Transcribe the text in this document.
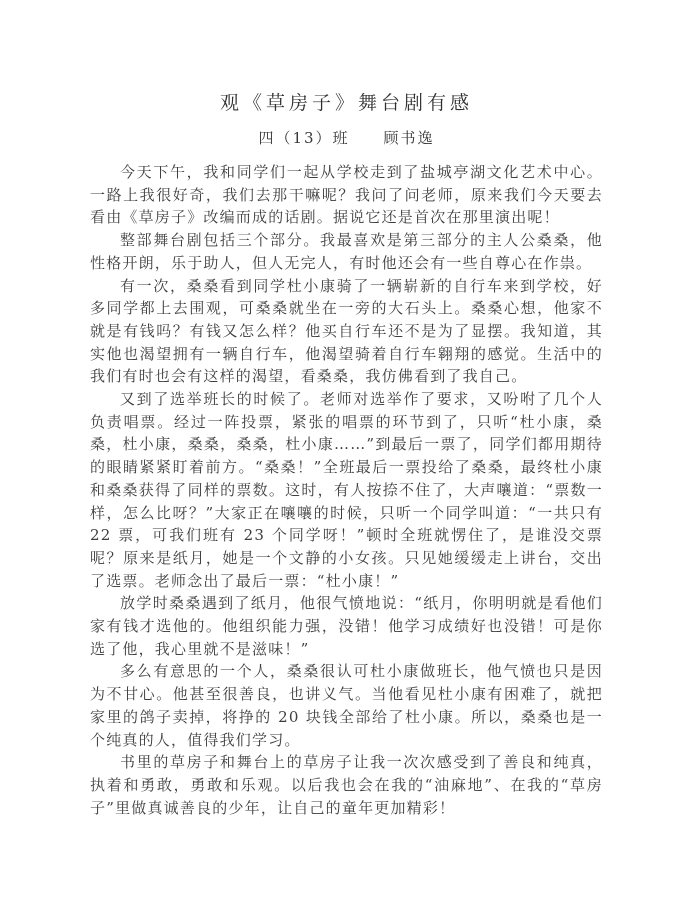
观《草房子》舞台剧有感
四（13）班　　顾书逸

今天下午，我和同学们一起从学校走到了盐城亭湖文化艺术中心。一路上我很好奇，我们去那干嘛呢？我问了问老师，原来我们今天要去看由《草房子》改编而成的话剧。据说它还是首次在那里演出呢！

整部舞台剧包括三个部分。我最喜欢是第三部分的主人公桑桑，他性格开朗，乐于助人，但人无完人，有时他还会有一些自尊心在作祟。

有一次，桑桑看到同学杜小康骑了一辆崭新的自行车来到学校，好多同学都上去围观，可桑桑就坐在一旁的大石头上。桑桑心想，他家不就是有钱吗？有钱又怎么样？他买自行车还不是为了显摆。我知道，其实他也渴望拥有一辆自行车，他渴望骑着自行车翱翔的感觉。生活中的我们有时也会有这样的渴望，看桑桑，我仿佛看到了我自己。

又到了选举班长的时候了。老师对选举作了要求，又吩咐了几个人负责唱票。经过一阵投票，紧张的唱票的环节到了，只听“杜小康，桑桑，杜小康，桑桑，桑桑，杜小康……”到最后一票了，同学们都用期待的眼睛紧紧盯着前方。“桑桑！”全班最后一票投给了桑桑，最终杜小康和桑桑获得了同样的票数。这时，有人按捺不住了，大声嚷道：“票数一样，怎么比呀？”大家正在嚷嚷的时候，只听一个同学叫道：“一共只有 22 票，可我们班有 23 个同学呀！”顿时全班就愣住了，是谁没交票呢？原来是纸月，她是一个文静的小女孩。只见她缓缓走上讲台，交出了选票。老师念出了最后一票：“杜小康！”

放学时桑桑遇到了纸月，他很气愤地说：“纸月，你明明就是看他们家有钱才选他的。他组织能力强，没错！他学习成绩好也没错！可是你选了他，我心里就不是滋味！”

多么有意思的一个人，桑桑很认可杜小康做班长，他气愤也只是因为不甘心。他甚至很善良，也讲义气。当他看见杜小康有困难了，就把家里的鸽子卖掉，将挣的 20 块钱全部给了杜小康。所以，桑桑也是一个纯真的人，值得我们学习。

书里的草房子和舞台上的草房子让我一次次感受到了善良和纯真，执着和勇敢，勇敢和乐观。以后我也会在我的“油麻地”、在我的“草房子”里做真诚善良的少年，让自己的童年更加精彩！
